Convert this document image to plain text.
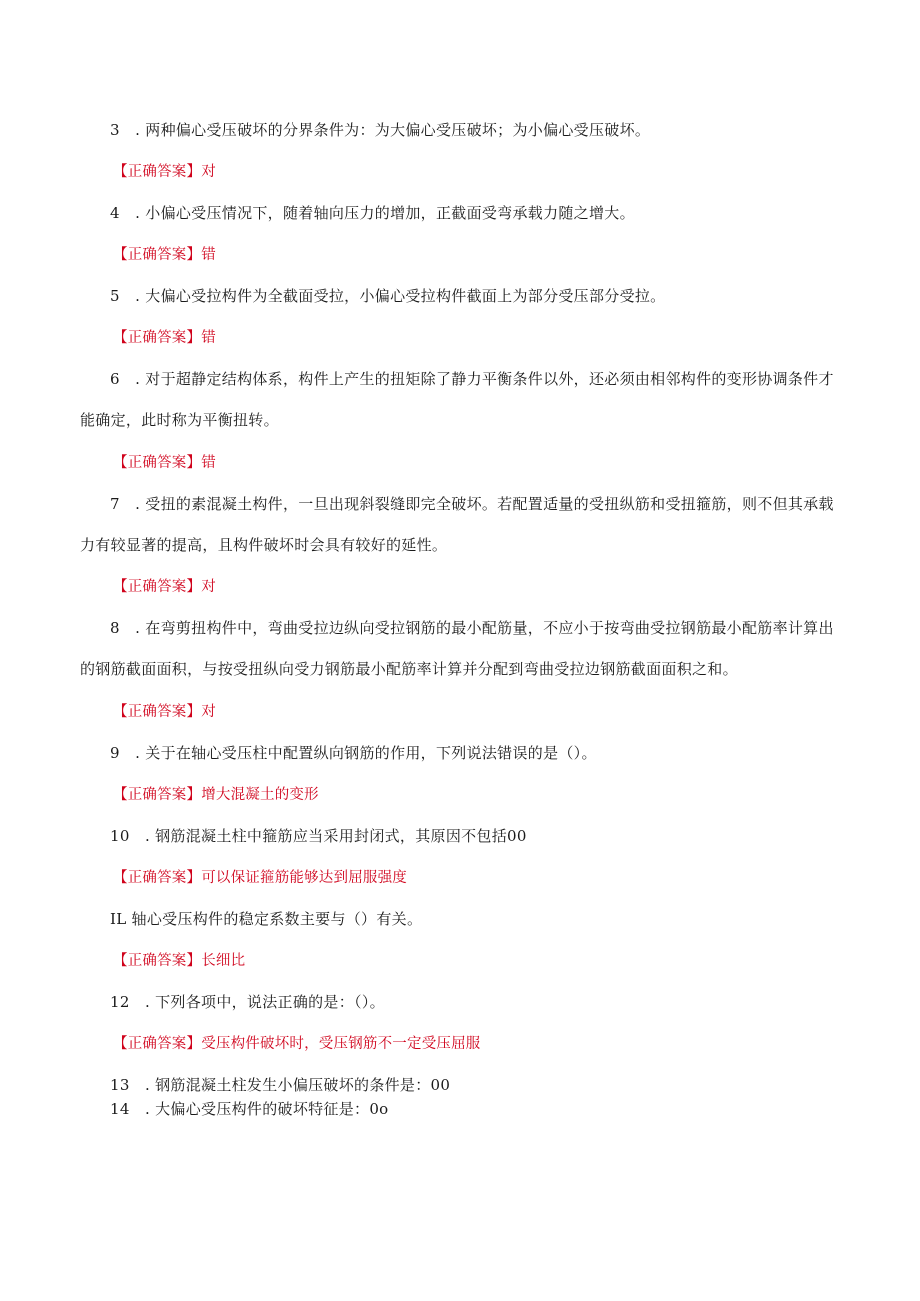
3　. 两种偏心受压破坏的分界条件为：为大偏心受压破坏；为小偏心受压破坏。
【正确答案】对
4　. 小偏心受压情况下，随着轴向压力的增加，正截面受弯承载力随之增大。
【正确答案】错
5　. 大偏心受拉构件为全截面受拉，小偏心受拉构件截面上为部分受压部分受拉。
【正确答案】错
6　. 对于超静定结构体系，构件上产生的扭矩除了静力平衡条件以外，还必须由相邻构件的变形协调条件才能确定，此时称为平衡扭转。
【正确答案】错
7　. 受扭的素混凝土构件，一旦出现斜裂缝即完全破坏。若配置适量的受扭纵筋和受扭箍筋，则不但其承载力有较显著的提高，且构件破坏时会具有较好的延性。
【正确答案】对
8　. 在弯剪扭构件中，弯曲受拉边纵向受拉钢筋的最小配筋量，不应小于按弯曲受拉钢筋最小配筋率计算出的钢筋截面面积，与按受扭纵向受力钢筋最小配筋率计算并分配到弯曲受拉边钢筋截面面积之和。
【正确答案】对
9　. 关于在轴心受压柱中配置纵向钢筋的作用，下列说法错误的是（）。
【正确答案】增大混凝土的变形
10　. 钢筋混凝土柱中箍筋应当采用封闭式，其原因不包括00
【正确答案】可以保证箍筋能够达到屈服强度
IL 轴心受压构件的稳定系数主要与（）有关。
【正确答案】长细比
12　. 下列各项中，说法正确的是：（）。
【正确答案】受压构件破坏时，受压钢筋不一定受压屈服
13　. 钢筋混凝土柱发生小偏压破坏的条件是：00
14　. 大偏心受压构件的破坏特征是：0o
